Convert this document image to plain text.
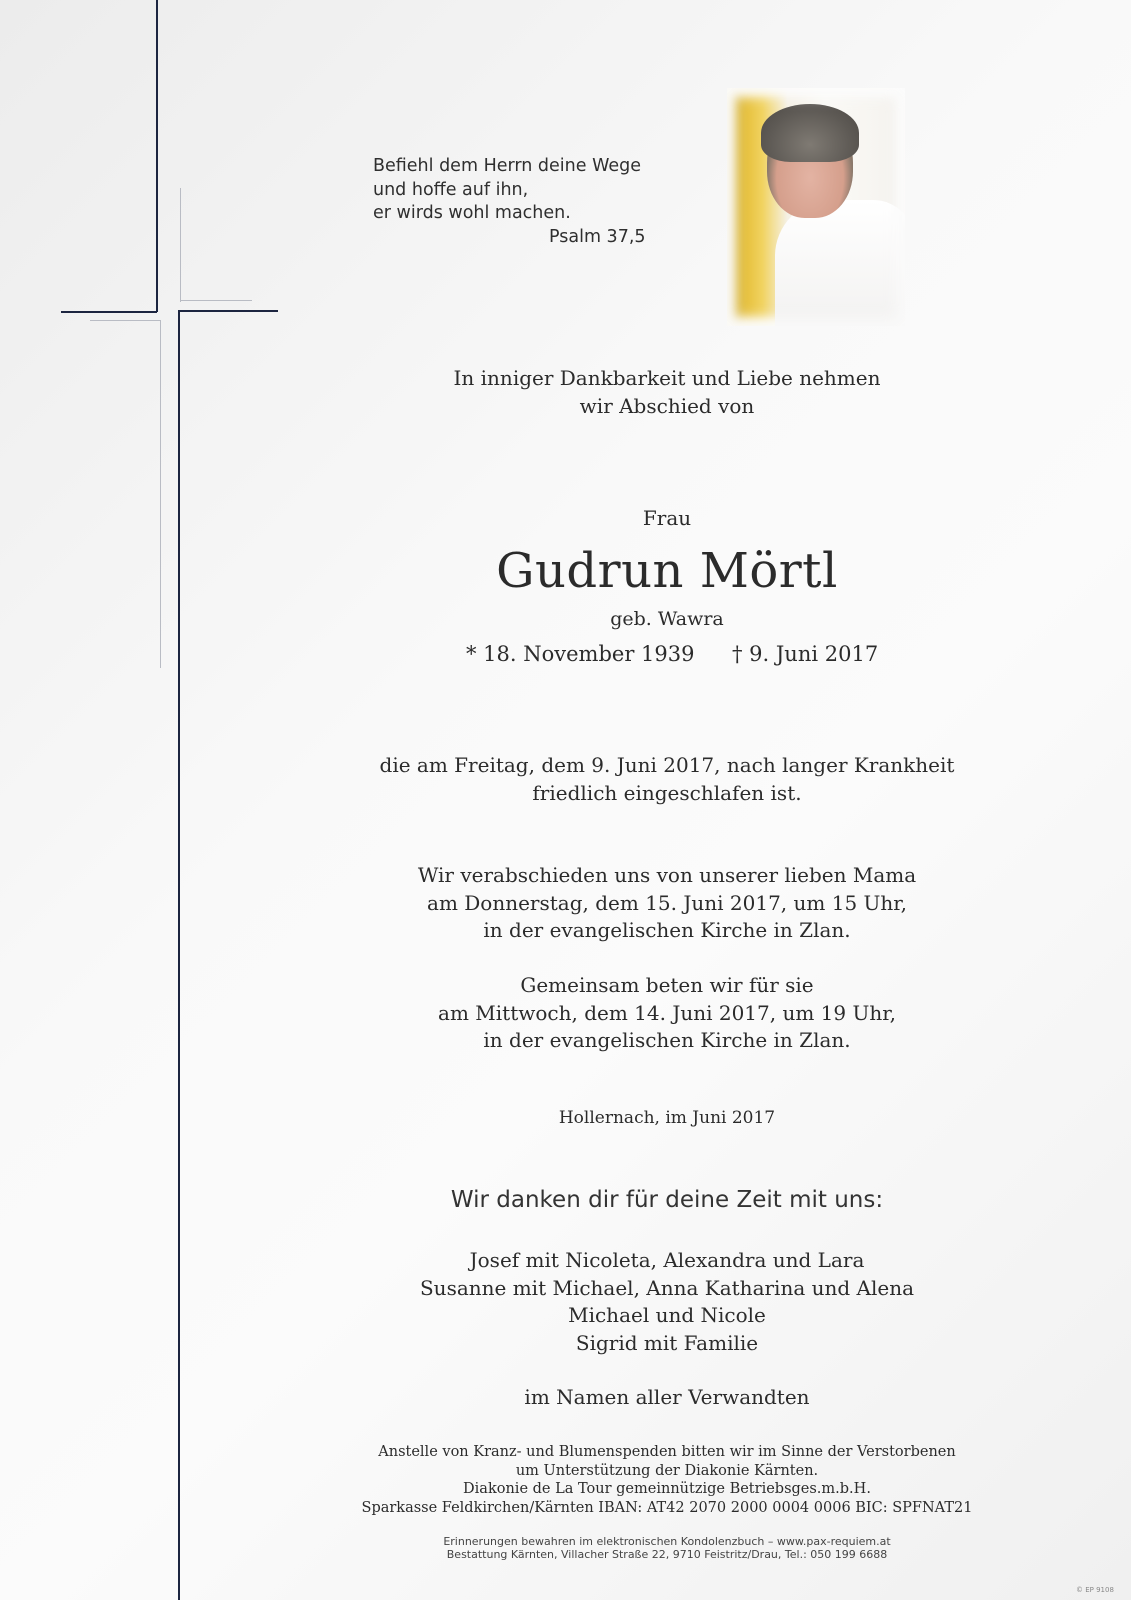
Befiehl dem Herrn deine Wege
und hoffe auf ihn,
er wirds wohl machen.
Psalm 37,5
In inniger Dankbarkeit und Liebe nehmen
wir Abschied von
Frau
Gudrun Mörtl
geb. Wawra
* 18. November 1939 † 9. Juni 2017
die am Freitag, dem 9. Juni 2017, nach langer Krankheit
friedlich eingeschlafen ist.
Wir verabschieden uns von unserer lieben Mama
am Donnerstag, dem 15. Juni 2017, um 15 Uhr,
in der evangelischen Kirche in Zlan.
Gemeinsam beten wir für sie
am Mittwoch, dem 14. Juni 2017, um 19 Uhr,
in der evangelischen Kirche in Zlan.
Hollernach, im Juni 2017
Wir danken dir für deine Zeit mit uns:
Josef mit Nicoleta, Alexandra und Lara
Susanne mit Michael, Anna Katharina und Alena
Michael und Nicole
Sigrid mit Familie
im Namen aller Verwandten
Anstelle von Kranz- und Blumenspenden bitten wir im Sinne der Verstorbenen
um Unterstützung der Diakonie Kärnten.
Diakonie de La Tour gemeinnützige Betriebsges.m.b.H.
Sparkasse Feldkirchen/Kärnten IBAN: AT42 2070 2000 0004 0006 BIC: SPFNAT21
Erinnerungen bewahren im elektronischen Kondolenzbuch – www.pax-requiem.at
Bestattung Kärnten, Villacher Straße 22, 9710 Feistritz/Drau, Tel.: 050 199 6688
© EP 9108
